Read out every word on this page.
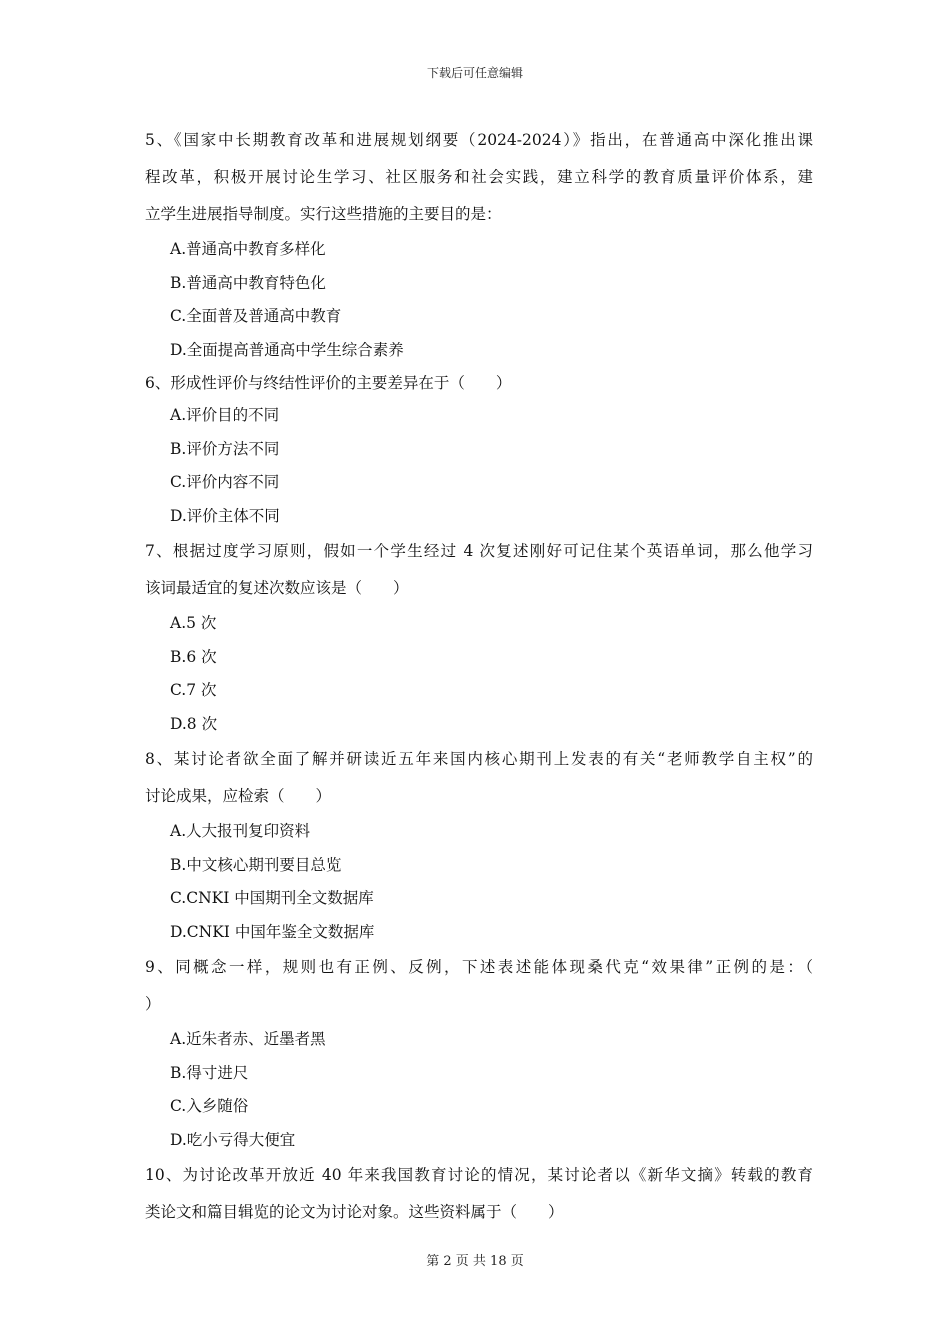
下载后可任意编辑
5、《国家中长期教育改革和进展规划纲要（2024-2024）》指出，在普通高中深化推出课
程改革，积极开展讨论生学习、社区服务和社会实践，建立科学的教育质量评价体系，建
立学生进展指导制度。实行这些措施的主要目的是：
A.普通高中教育多样化
B.普通高中教育特色化
C.全面普及普通高中教育
D.全面提高普通高中学生综合素养
6、形成性评价与终结性评价的主要差异在于（　　）
A.评价目的不同
B.评价方法不同
C.评价内容不同
D.评价主体不同
7、根据过度学习原则，假如一个学生经过 4 次复述刚好可记住某个英语单词，那么他学习
该词最适宜的复述次数应该是（　　）
A.5 次
B.6 次
C.7 次
D.8 次
8、某讨论者欲全面了解并研读近五年来国内核心期刊上发表的有关“老师教学自主权”的
讨论成果，应检索（　　）
A.人大报刊复印资料
B.中文核心期刊要目总览
C.CNKI 中国期刊全文数据库
D.CNKI 中国年鉴全文数据库
9、同概念一样，规则也有正例、反例，下述表述能体现桑代克“效果律”正例的是：（
）
A.近朱者赤、近墨者黑
B.得寸进尺
C.入乡随俗
D.吃小亏得大便宜
10、为讨论改革开放近 40 年来我国教育讨论的情况，某讨论者以《新华文摘》转载的教育
类论文和篇目辑览的论文为讨论对象。这些资料属于（　　）
第 2 页 共 18 页
